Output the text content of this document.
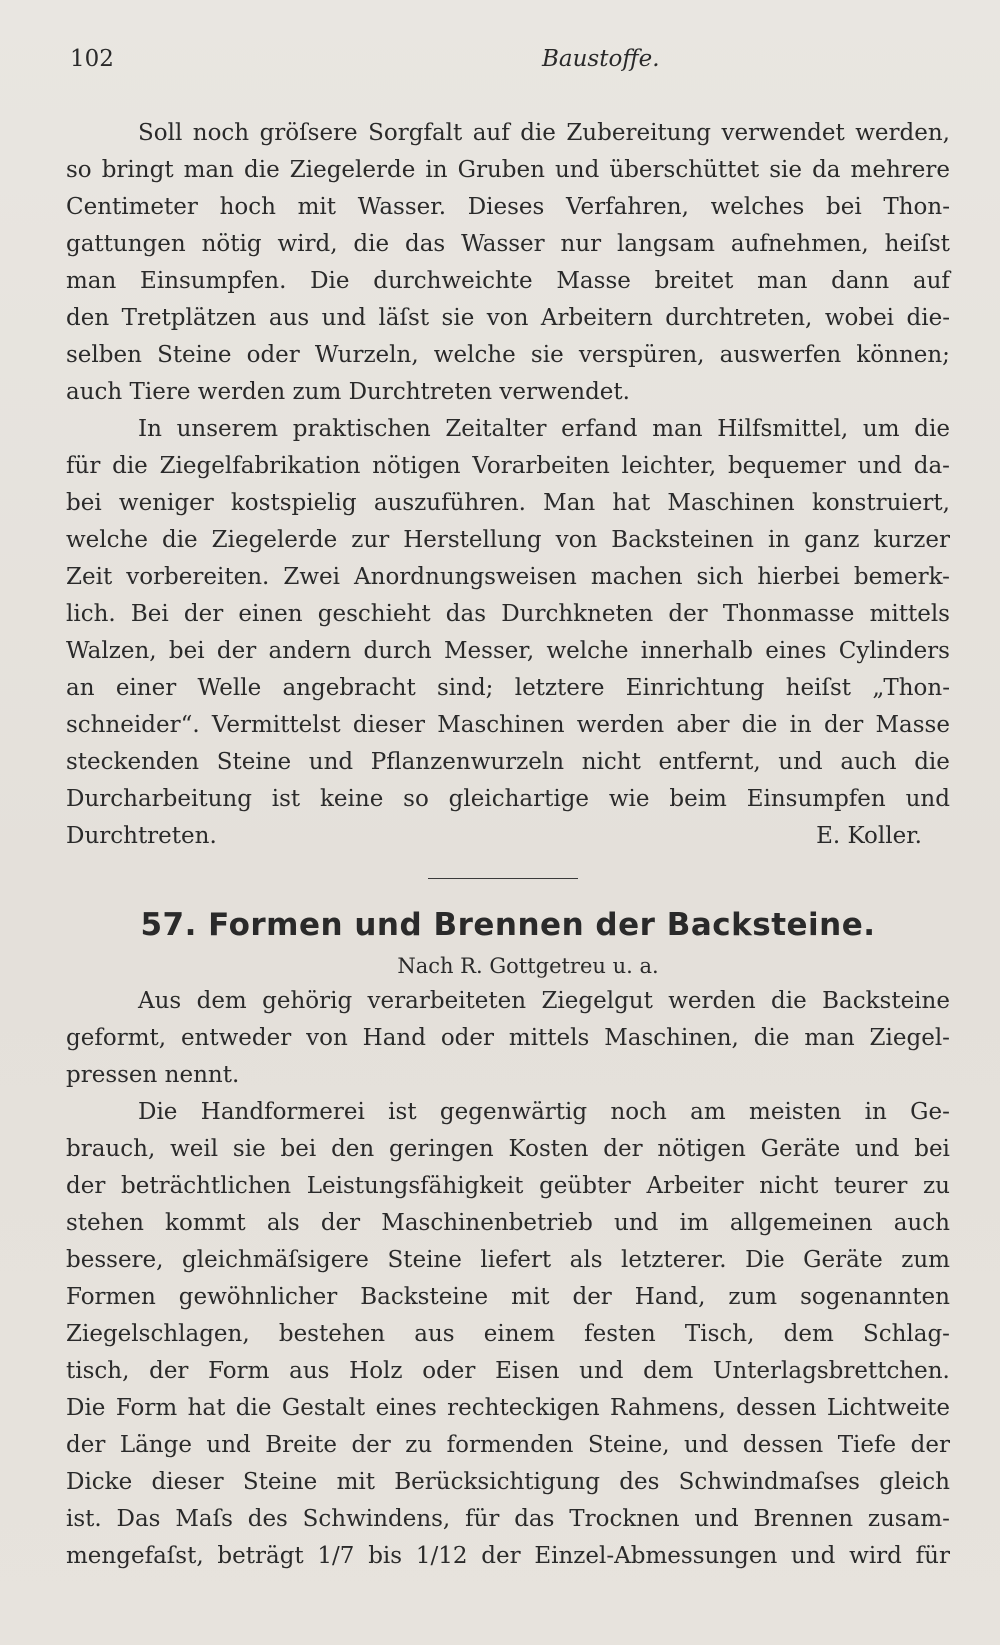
102	Baustoffe.
Soll noch gröſsere Sorgfalt auf die Zubereitung verwendet werden,
so bringt man die Ziegelerde in Gruben und überschüttet sie da mehrere
Centimeter hoch mit Wasser. Dieses Verfahren, welches bei Thon-
gattungen nötig wird, die das Wasser nur langsam aufnehmen, heiſst
man Einsumpfen. Die durchweichte Masse breitet man dann auf
den Tretplätzen aus und läſst sie von Arbeitern durchtreten, wobei die-
selben Steine oder Wurzeln, welche sie verspüren, auswerfen können;
auch Tiere werden zum Durchtreten verwendet.
In unserem praktischen Zeitalter erfand man Hilfsmittel, um die
für die Ziegelfabrikation nötigen Vorarbeiten leichter, bequemer und da-
bei weniger kostspielig auszuführen. Man hat Maschinen konstruiert,
welche die Ziegelerde zur Herstellung von Backsteinen in ganz kurzer
Zeit vorbereiten. Zwei Anordnungsweisen machen sich hierbei bemerk-
lich. Bei der einen geschieht das Durchkneten der Thonmasse mittels
Walzen, bei der andern durch Messer, welche innerhalb eines Cylinders
an einer Welle angebracht sind; letztere Einrichtung heiſst „Thon-
schneider“. Vermittelst dieser Maschinen werden aber die in der Masse
steckenden Steine und Pflanzenwurzeln nicht entfernt, und auch die
Durcharbeitung ist keine so gleichartige wie beim Einsumpfen und
Durchtreten.	E. Koller.
57. Formen und Brennen der Backsteine.
Nach R. Gottgetreu u. a.
Aus dem gehörig verarbeiteten Ziegelgut werden die Backsteine
geformt, entweder von Hand oder mittels Maschinen, die man Ziegel-
pressen nennt.
Die Handformerei ist gegenwärtig noch am meisten in Ge-
brauch, weil sie bei den geringen Kosten der nötigen Geräte und bei
der beträchtlichen Leistungsfähigkeit geübter Arbeiter nicht teurer zu
stehen kommt als der Maschinenbetrieb und im allgemeinen auch
bessere, gleichmäſsigere Steine liefert als letzterer. Die Geräte zum
Formen gewöhnlicher Backsteine mit der Hand, zum sogenannten
Ziegelschlagen, bestehen aus einem festen Tisch, dem Schlag-
tisch, der Form aus Holz oder Eisen und dem Unterlagsbrettchen.
Die Form hat die Gestalt eines rechteckigen Rahmens, dessen Lichtweite
der Länge und Breite der zu formenden Steine, und dessen Tiefe der
Dicke dieser Steine mit Berücksichtigung des Schwindmaſses gleich
ist. Das Maſs des Schwindens, für das Trocknen und Brennen zusam-
mengefaſst, beträgt 1/7 bis 1/12 der Einzel-Abmessungen und wird für
